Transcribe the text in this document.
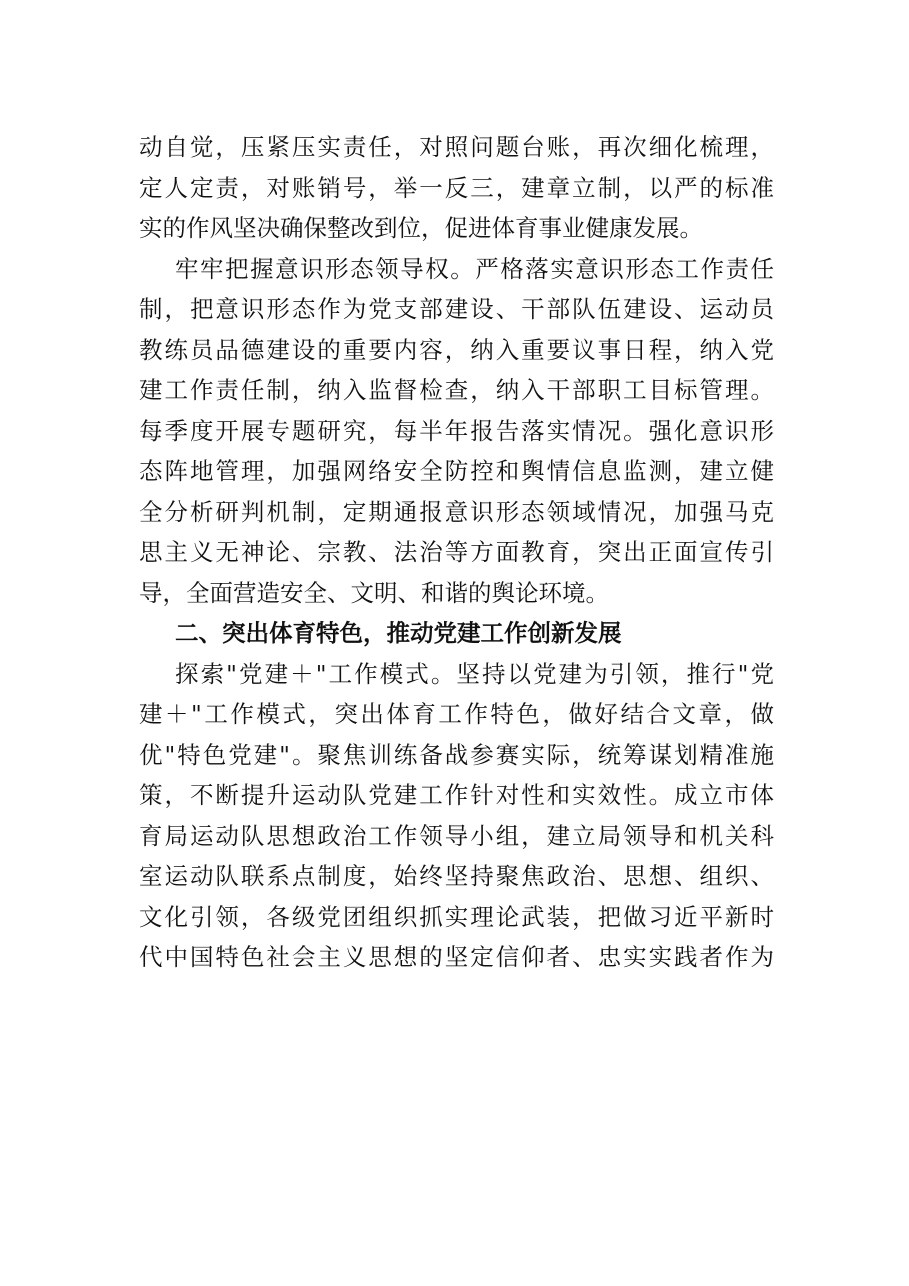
动自觉，压紧压实责任，对照问题台账，再次细化梳理，
定人定责，对账销号，举一反三，建章立制，以严的标准
实的作风坚决确保整改到位，促进体育事业健康发展。
牢牢把握意识形态领导权。严格落实意识形态工作责任
制，把意识形态作为党支部建设、干部队伍建设、运动员
教练员品德建设的重要内容，纳入重要议事日程，纳入党
建工作责任制，纳入监督检查，纳入干部职工目标管理。
每季度开展专题研究，每半年报告落实情况。强化意识形
态阵地管理，加强网络安全防控和舆情信息监测，建立健
全分析研判机制，定期通报意识形态领域情况，加强马克
思主义无神论、宗教、法治等方面教育，突出正面宣传引
导，全面营造安全、文明、和谐的舆论环境。
二、突出体育特色，推动党建工作创新发展
探索"党建＋"工作模式。坚持以党建为引领，推行"党
建＋"工作模式，突出体育工作特色，做好结合文章，做
优"特色党建"。聚焦训练备战参赛实际，统筹谋划精准施
策，不断提升运动队党建工作针对性和实效性。成立市体
育局运动队思想政治工作领导小组，建立局领导和机关科
室运动队联系点制度，始终坚持聚焦政治、思想、组织、
文化引领，各级党团组织抓实理论武装，把做习近平新时
代中国特色社会主义思想的坚定信仰者、忠实实践者作为
